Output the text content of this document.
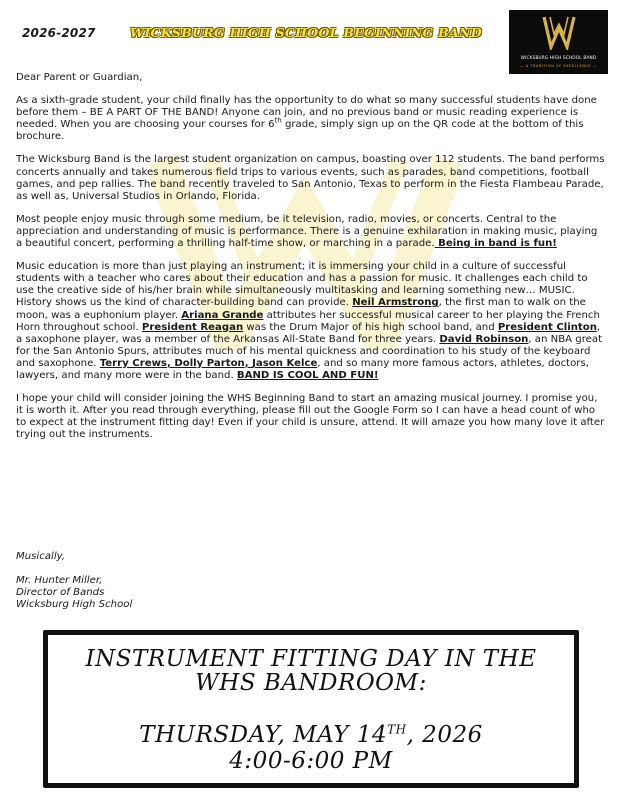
2026-2027	WICKSBURG HIGH SCHOOL BEGINNING BAND
WICKSBURG HIGH SCHOOL BAND
— A TRADITION OF EXCELLENCE —

Dear Parent or Guardian,

As a sixth-grade student, your child finally has the opportunity to do what so many successful students have done before them – BE A PART OF THE BAND! Anyone can join, and no previous band or music reading experience is needed. When you are choosing your courses for 6th grade, simply sign up on the QR code at the bottom of this brochure.

The Wicksburg Band is the largest student organization on campus, boasting over 112 students. The band performs concerts annually and takes numerous field trips to various events, such as parades, band competitions, football games, and pep rallies. The band recently traveled to San Antonio, Texas to perform in the Fiesta Flambeau Parade, as well as, Universal Studios in Orlando, Florida.

Most people enjoy music through some medium, be it television, radio, movies, or concerts. Central to the appreciation and understanding of music is performance. There is a genuine exhilaration in making music, playing a beautiful concert, performing a thrilling half-time show, or marching in a parade. Being in band is fun!

Music education is more than just playing an instrument; it is immersing your child in a culture of successful students with a teacher who cares about their education and has a passion for music. It challenges each child to use the creative side of his/her brain while simultaneously multitasking and learning something new… MUSIC. History shows us the kind of character-building band can provide. Neil Armstrong, the first man to walk on the moon, was a euphonium player. Ariana Grande attributes her successful musical career to her playing the French Horn throughout school. President Reagan was the Drum Major of his high school band, and President Clinton, a saxophone player, was a member of the Arkansas All-State Band for three years. David Robinson, an NBA great for the San Antonio Spurs, attributes much of his mental quickness and coordination to his study of the keyboard and saxophone. Terry Crews, Dolly Parton, Jason Kelce, and so many more famous actors, athletes, doctors, lawyers, and many more were in the band. BAND IS COOL AND FUN!

I hope your child will consider joining the WHS Beginning Band to start an amazing musical journey. I promise you, it is worth it. After you read through everything, please fill out the Google Form so I can have a head count of who to expect at the instrument fitting day! Even if your child is unsure, attend. It will amaze you how many love it after trying out the instruments.

Musically,
Mr. Hunter Miller,
Director of Bands
Wicksburg High School
INSTRUMENT FITTING DAY IN THE
WHS BANDROOM:
THURSDAY, MAY 14TH, 2026
4:00-6:00 PM
